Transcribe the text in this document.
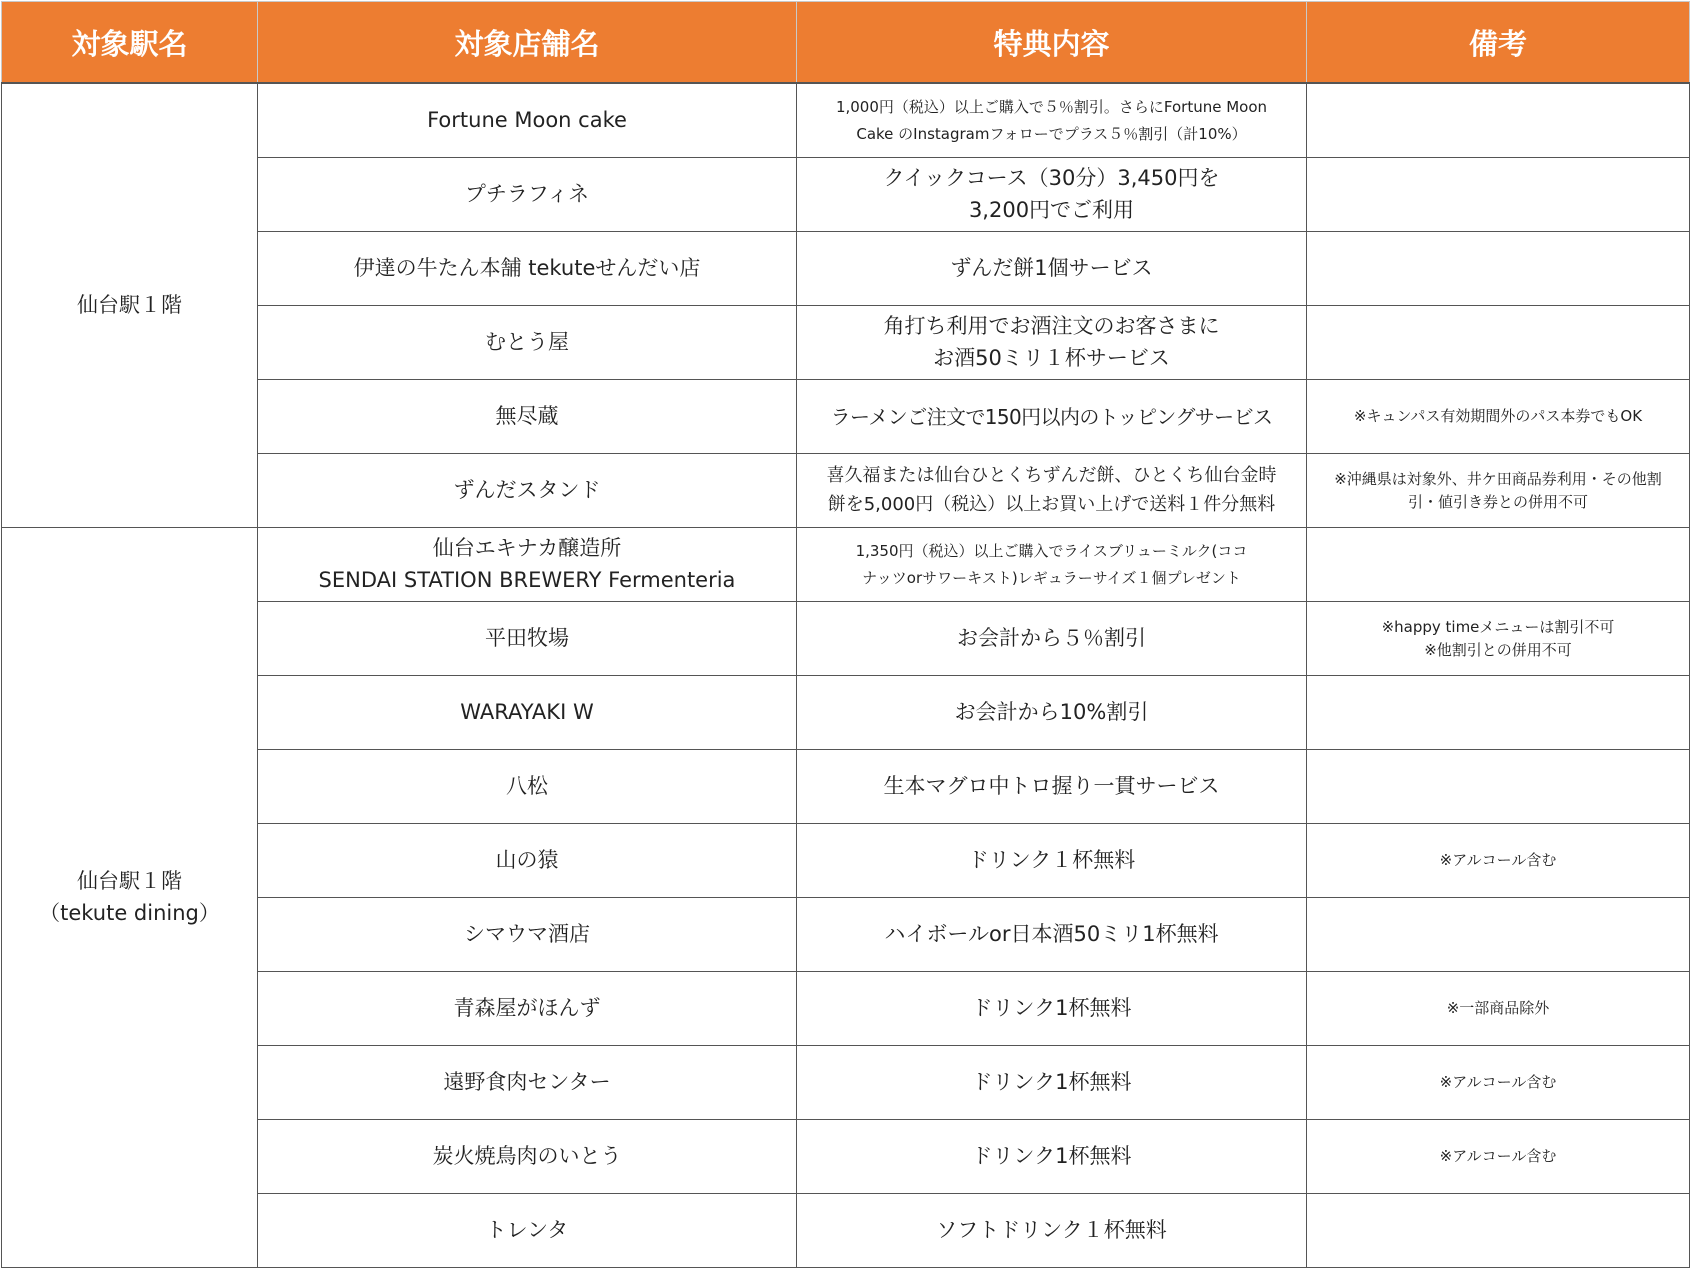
対象駅名	対象店舗名	特典内容	備考

仙台駅１階	Fortune Moon cake	1,000円（税込）以上ご購入で５％割引。さらにFortune Moon
Cake のInstagramフォローでプラス５％割引（計10%）	

	プチラフィネ	クイックコース（30分）3,450円を
3,200円でご利用	

	伊達の牛たん本舗 tekuteせんだい店	ずんだ餅1個サービス	

	むとう屋	角打ち利用でお酒注文のお客さまに
お酒50ミリ１杯サービス	

	無尽蔵	ラーメンご注文で150円以内のトッピングサービス	※キュンパス有効期間外のパス本券でもOK

	ずんだスタンド	喜久福または仙台ひとくちずんだ餅、ひとくち仙台金時
餅を5,000円（税込）以上お買い上げで送料１件分無料	※沖縄県は対象外、井ケ田商品券利用・その他割
引・値引き券との併用不可

仙台駅１階
（tekute dining）	仙台エキナカ醸造所
SENDAI STATION BREWERY Fermenteria	1,350円（税込）以上ご購入でライスブリューミルク(ココ
ナッツorサワーキスト)レギュラーサイズ１個プレゼント	

	平田牧場	お会計から５％割引	※happy timeメニューは割引不可
※他割引との併用不可

	WARAYAKI W	お会計から10%割引	

	八松	生本マグロ中トロ握り一貫サービス	

	山の猿	ドリンク１杯無料	※アルコール含む

	シマウマ酒店	ハイボールor日本酒50ミリ1杯無料	

	青森屋がほんず	ドリンク1杯無料	※一部商品除外

	遠野食肉センター	ドリンク1杯無料	※アルコール含む

	炭火焼鳥肉のいとう	ドリンク1杯無料	※アルコール含む

	トレンタ	ソフトドリンク１杯無料	
